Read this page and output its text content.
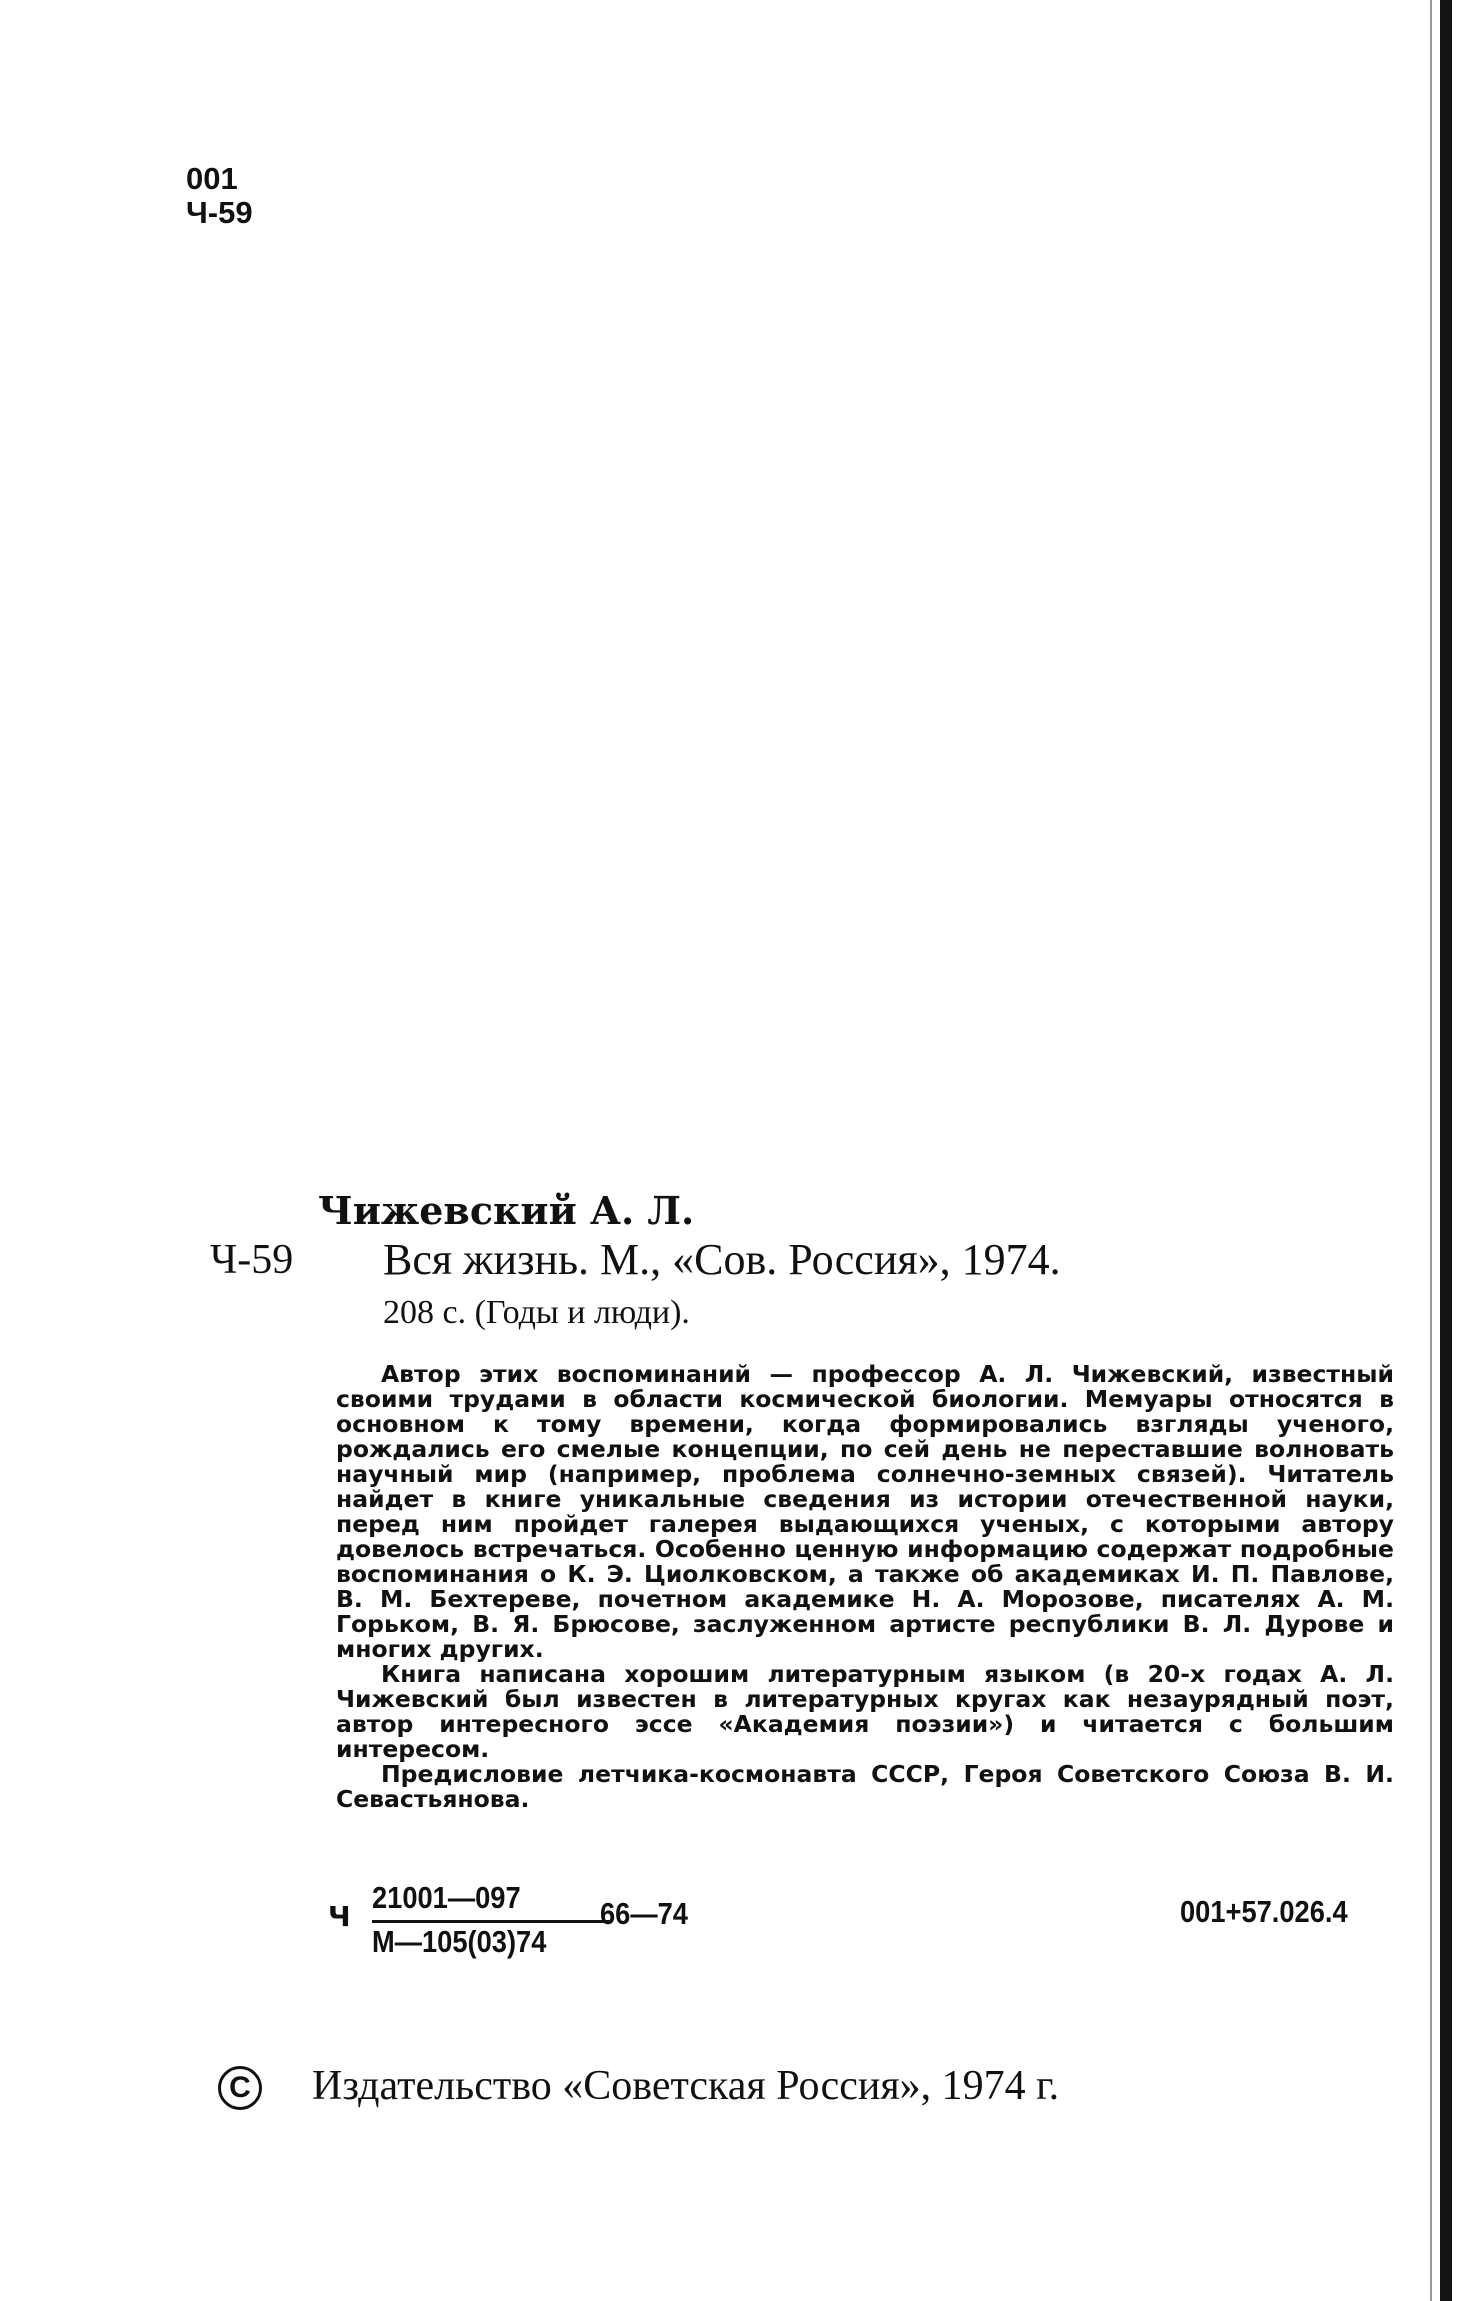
001
Ч-59
Чижевский А. Л.
Ч-59 Вся жизнь. М., «Сов. Россия», 1974.
208 с. (Годы и люди).

Автор этих воспоминаний — профессор А. Л. Чижевский, известный своими трудами в области космической биологии. Мемуары относятся в основном к тому времени, когда формировались взгляды ученого, рождались его смелые концепции, по сей день не переставшие волновать научный мир (например, проблема солнечно-земных связей). Читатель найдет в книге уникальные сведения из истории отечественной науки, перед ним пройдет галерея выдающихся ученых, с которыми автору довелось встречаться. Особенно ценную информацию содержат подробные воспоминания о К. Э. Циолковском, а также об академиках И. П. Павлове, В. М. Бехтереве, почетном академике Н. А. Морозове, писателях А. М. Горьком, В. Я. Брюсове, заслуженном артисте республики В. Л. Дурове и многих других.

Книга написана хорошим литературным языком (в 20-х годах А. Л. Чижевский был известен в литературных кругах как незаурядный поэт, автор интересного эссе «Академия поэзии») и читается с большим интересом.

Предисловие летчика-космонавта СССР, Героя Советского Союза В. И. Севастьянова.

Ч
21001—097
М—105(03)74
66—74	001+57.026.4
C Издательство «Советская Россия», 1974 г.
